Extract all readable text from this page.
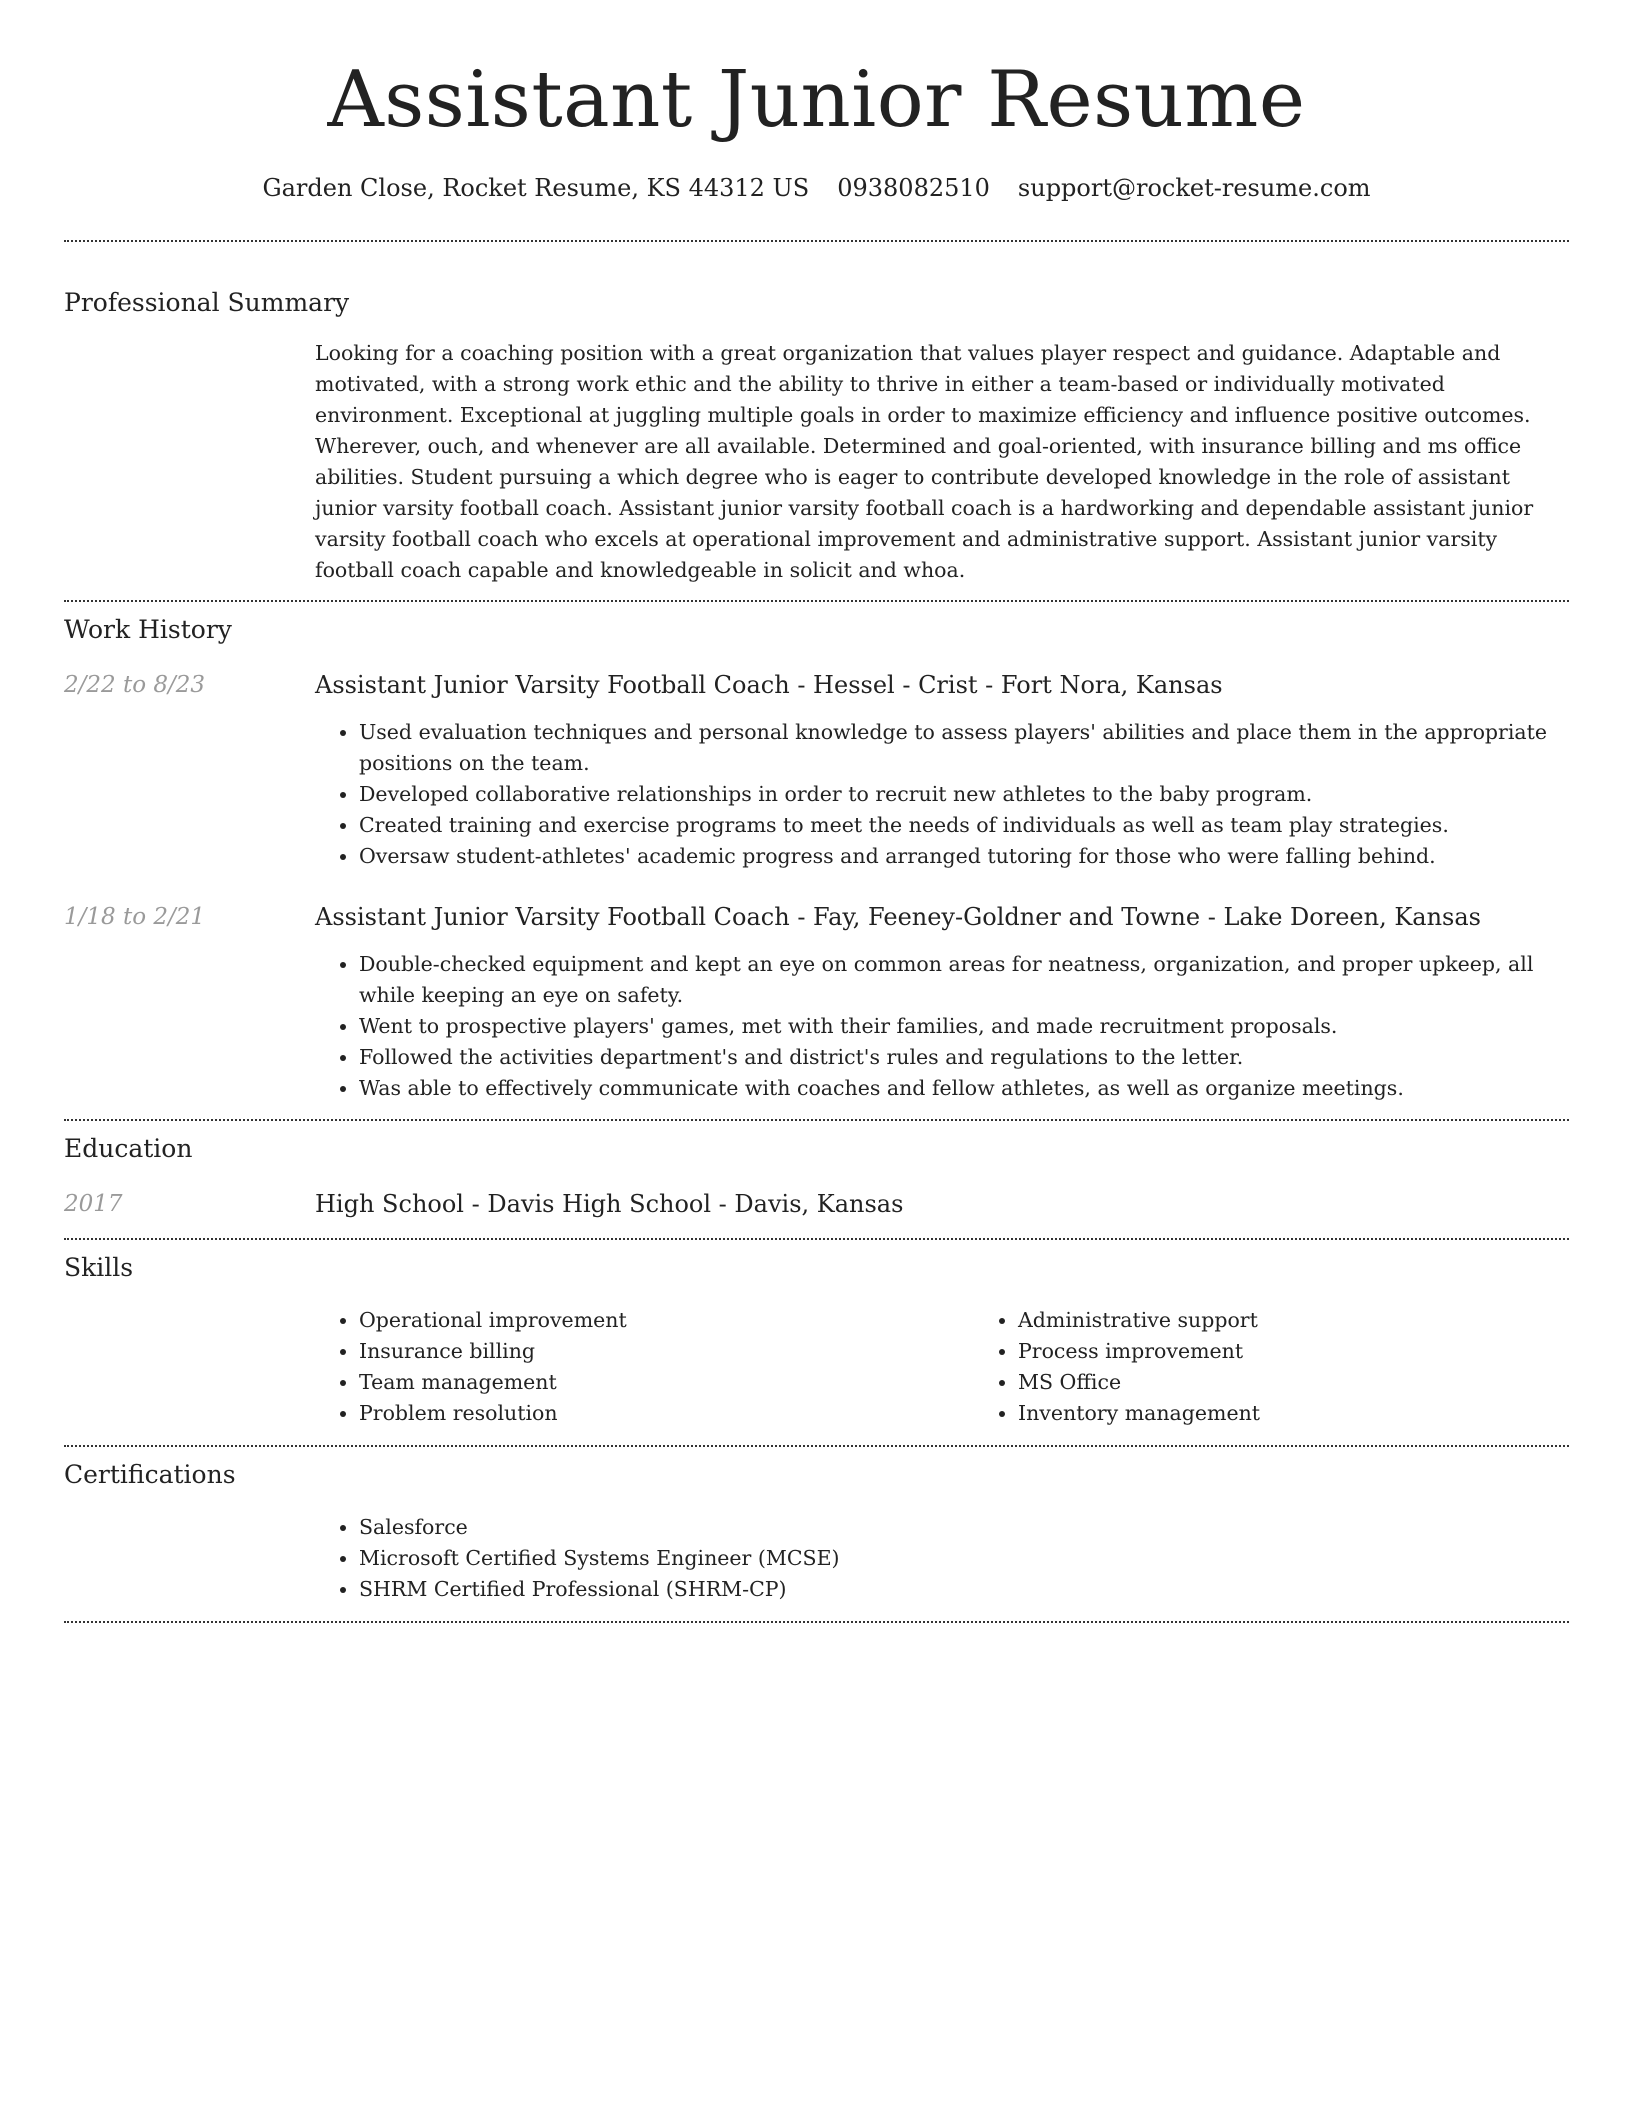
Assistant Junior Resume
Garden Close, Rocket Resume, KS 44312 US 0938082510 support@rocket-resume.com
Professional Summary

Looking for a coaching position with a great organization that values player respect and guidance. Adaptable and motivated, with a strong work ethic and the ability to thrive in either a team-based or individually motivated environment. Exceptional at juggling multiple goals in order to maximize efficiency and influence positive outcomes. Wherever, ouch, and whenever are all available. Determined and goal-oriented, with insurance billing and ms office abilities. Student pursuing a which degree who is eager to contribute developed knowledge in the role of assistant junior varsity football coach. Assistant junior varsity football coach is a hardworking and dependable assistant junior varsity football coach who excels at operational improvement and administrative support. Assistant junior varsity football coach capable and knowledgeable in solicit and whoa.

Work History
2/22 to 8/23	Assistant Junior Varsity Football Coach - Hessel - Crist - Fort Nora, Kansas
• Used evaluation techniques and personal knowledge to assess players' abilities and place them in the appropriate positions on the team.
• Developed collaborative relationships in order to recruit new athletes to the baby program.
• Created training and exercise programs to meet the needs of individuals as well as team play strategies.
• Oversaw student-athletes' academic progress and arranged tutoring for those who were falling behind.
1/18 to 2/21	Assistant Junior Varsity Football Coach - Fay, Feeney-Goldner and Towne - Lake Doreen, Kansas
• Double-checked equipment and kept an eye on common areas for neatness, organization, and proper upkeep, all while keeping an eye on safety.
• Went to prospective players' games, met with their families, and made recruitment proposals.
• Followed the activities department's and district's rules and regulations to the letter.
• Was able to effectively communicate with coaches and fellow athletes, as well as organize meetings.
Education
2017	High School - Davis High School - Davis, Kansas
Skills
• Operational improvement
• Insurance billing
• Team management
• Problem resolution
• Administrative support
• Process improvement
• MS Office
• Inventory management
Certifications
• Salesforce
• Microsoft Certified Systems Engineer (MCSE)
• SHRM Certified Professional (SHRM-CP)
